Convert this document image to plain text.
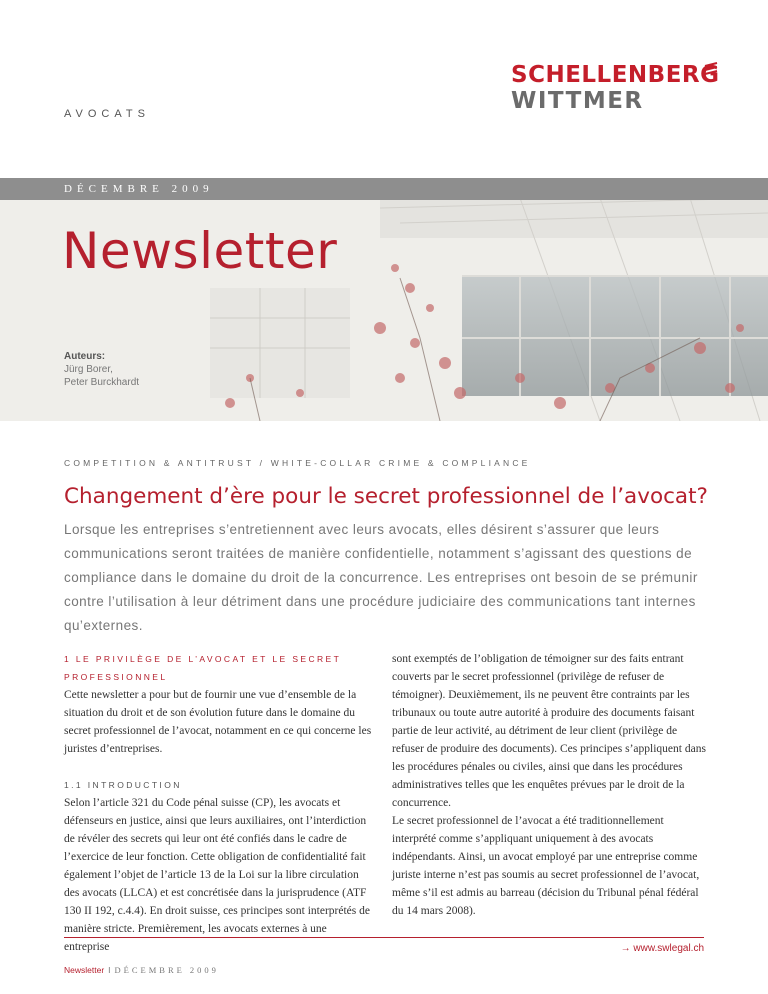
AVOCATS
SCHELLENBERG
WITTMER
DÉCEMBRE 2009
Newsletter
Auteurs:
Jürg Borer,
Peter Burckhardt
COMPETITION & ANTITRUST / WHITE-COLLAR CRIME & COMPLIANCE
Changement d’ère pour le secret professionnel de l’avocat?

Lorsque les entreprises s’entretiennent avec leurs avocats, elles désirent s’assurer que leurs communications seront traitées de manière confidentielle, notamment s’agissant des questions de compliance dans le domaine du droit de la concurrence. Les entreprises ont besoin de se prémunir contre l’utilisation à leur détriment dans une procédure judiciaire des communications tant internes qu’externes.

1 LE PRIVILÈGE DE L’AVOCAT ET LE SECRET PROFESSIONNEL

Cette newsletter a pour but de fournir une vue d’ensemble de la situation du droit et de son évolution future dans le domaine du secret professionnel de l’avocat, notamment en ce qui concerne les juristes d’entreprises.

1.1 INTRODUCTION

Selon l’article 321 du Code pénal suisse (CP), les avocats et défenseurs en justice, ainsi que leurs auxiliaires, ont l’interdiction de révéler des secrets qui leur ont été confiés dans le cadre de l’exercice de leur fonction. Cette obligation de confidentialité fait également l’objet de l’article 13 de la Loi sur la libre circulation des avocats (LLCA) et est concrétisée dans la jurisprudence (ATF 130 II 192, c.4.4). En droit suisse, ces principes sont interprétés de manière stricte. Premièrement, les avocats externes à une entreprise

sont exemptés de l’obligation de témoigner sur des faits entrant couverts par le secret professionnel (privilège de refuser de témoigner). Deuxièmement, ils ne peuvent être contraints par les tribunaux ou toute autre autorité à produire des documents faisant partie de leur activité, au détriment de leur client (privilège de refuser de produire des documents). Ces principes s’appliquent dans les procédures pénales ou civiles, ainsi que dans les procédures administratives telles que les enquêtes prévues par le droit de la concurrence.

Le secret professionnel de l’avocat a été traditionnellement interprété comme s’appliquant uniquement à des avocats indépendants. Ainsi, un avocat employé par une entreprise comme juriste interne n’est pas soumis au secret professionnel de l’avocat, même s’il est admis au barreau (décision du Tribunal pénal fédéral du 14 mars 2008).

→ www.swlegal.ch
Newsletter I DÉCEMBRE 2009
